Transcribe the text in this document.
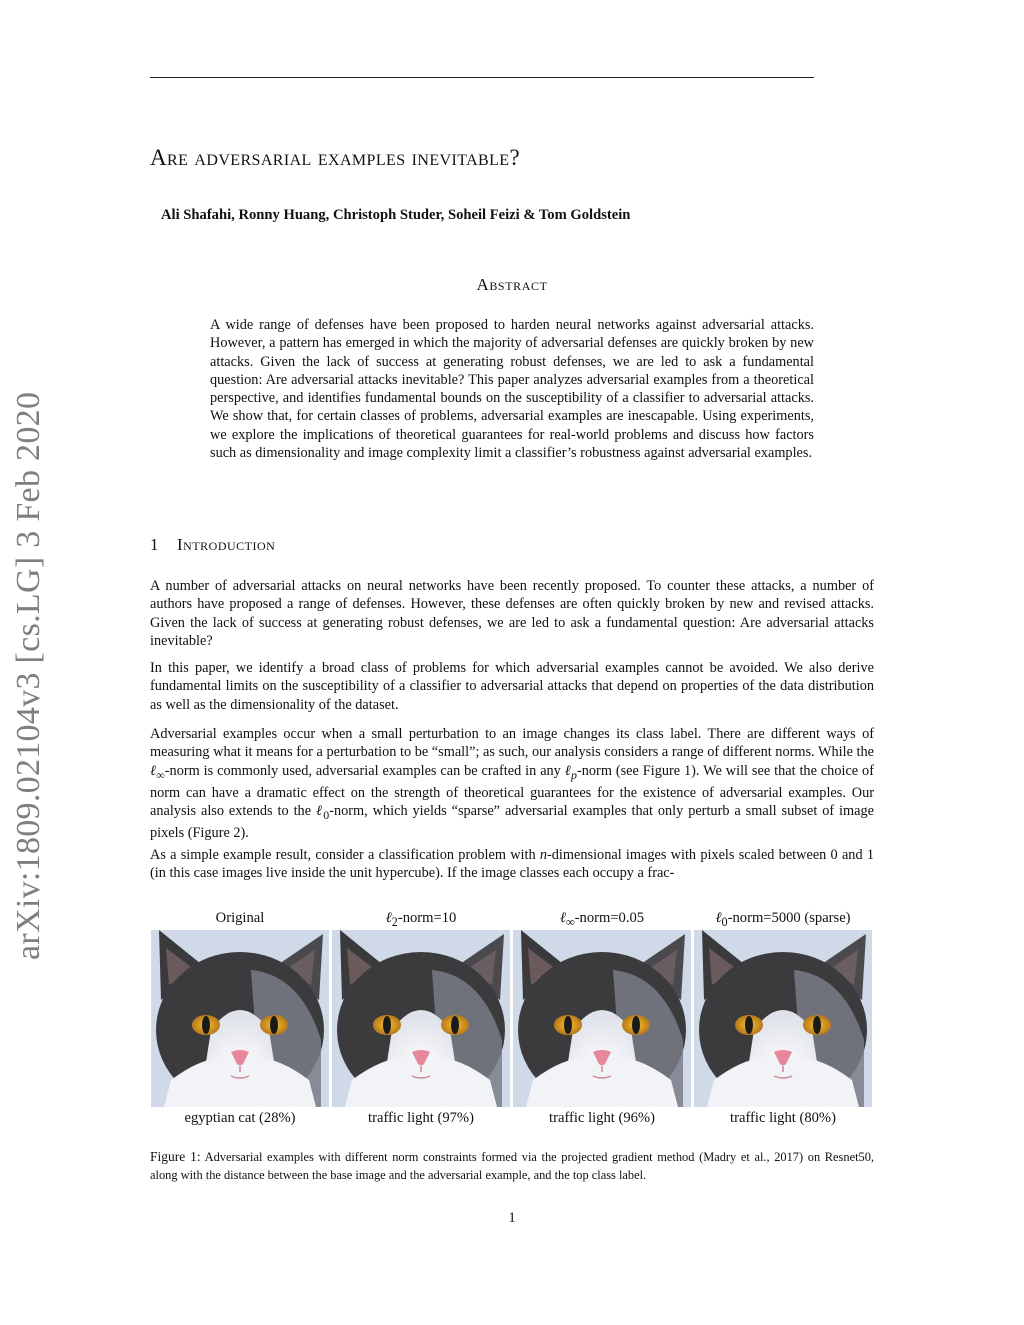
arXiv:1809.02104v3 [cs.LG] 3 Feb 2020
Are adversarial examples inevitable?
Ali Shafahi, Ronny Huang, Christoph Studer, Soheil Feizi & Tom Goldstein
Abstract
A wide range of defenses have been proposed to harden neural networks against adversarial attacks. However, a pattern has emerged in which the majority of adversarial defenses are quickly broken by new attacks. Given the lack of success at generating robust defenses, we are led to ask a fundamental question: Are adversarial attacks inevitable? This paper analyzes adversarial examples from a theoretical perspective, and identifies fundamental bounds on the susceptibility of a classifier to adversarial attacks. We show that, for certain classes of problems, adversarial examples are inescapable. Using experiments, we explore the implications of theoretical guarantees for real-world problems and discuss how factors such as dimensionality and image complexity limit a classifier’s robustness against adversarial examples.
1 Introduction
A number of adversarial attacks on neural networks have been recently proposed. To counter these attacks, a number of authors have proposed a range of defenses. However, these defenses are often quickly broken by new and revised attacks. Given the lack of success at generating robust defenses, we are led to ask a fundamental question: Are adversarial attacks inevitable?
In this paper, we identify a broad class of problems for which adversarial examples cannot be avoided. We also derive fundamental limits on the susceptibility of a classifier to adversarial attacks that depend on properties of the data distribution as well as the dimensionality of the dataset.
Adversarial examples occur when a small perturbation to an image changes its class label. There are different ways of measuring what it means for a perturbation to be “small”; as such, our analysis considers a range of different norms. While the ℓ$_\infty$-norm is commonly used, adversarial examples can be crafted in any ℓ$_p$-norm (see Figure 1). We will see that the choice of norm can have a dramatic effect on the strength of theoretical guarantees for the existence of adversarial examples. Our analysis also extends to the ℓ$_0$-norm, which yields “sparse” adversarial examples that only perturb a small subset of image pixels (Figure 2).
As a simple example result, consider a classification problem with n-dimensional images with pixels scaled between 0 and 1 (in this case images live inside the unit hypercube). If the image classes each occupy a frac-
Original	ℓ$_2$-norm=10	ℓ$_\infty$-norm=0.05	ℓ$_0$-norm=5000 (sparse)
egyptian cat (28%)	traffic light (97%)	traffic light (96%)	traffic light (80%)
Figure 1: Adversarial examples with different norm constraints formed via the projected gradient method (Madry et al., 2017) on Resnet50, along with the distance between the base image and the adversarial example, and the top class label.
1
